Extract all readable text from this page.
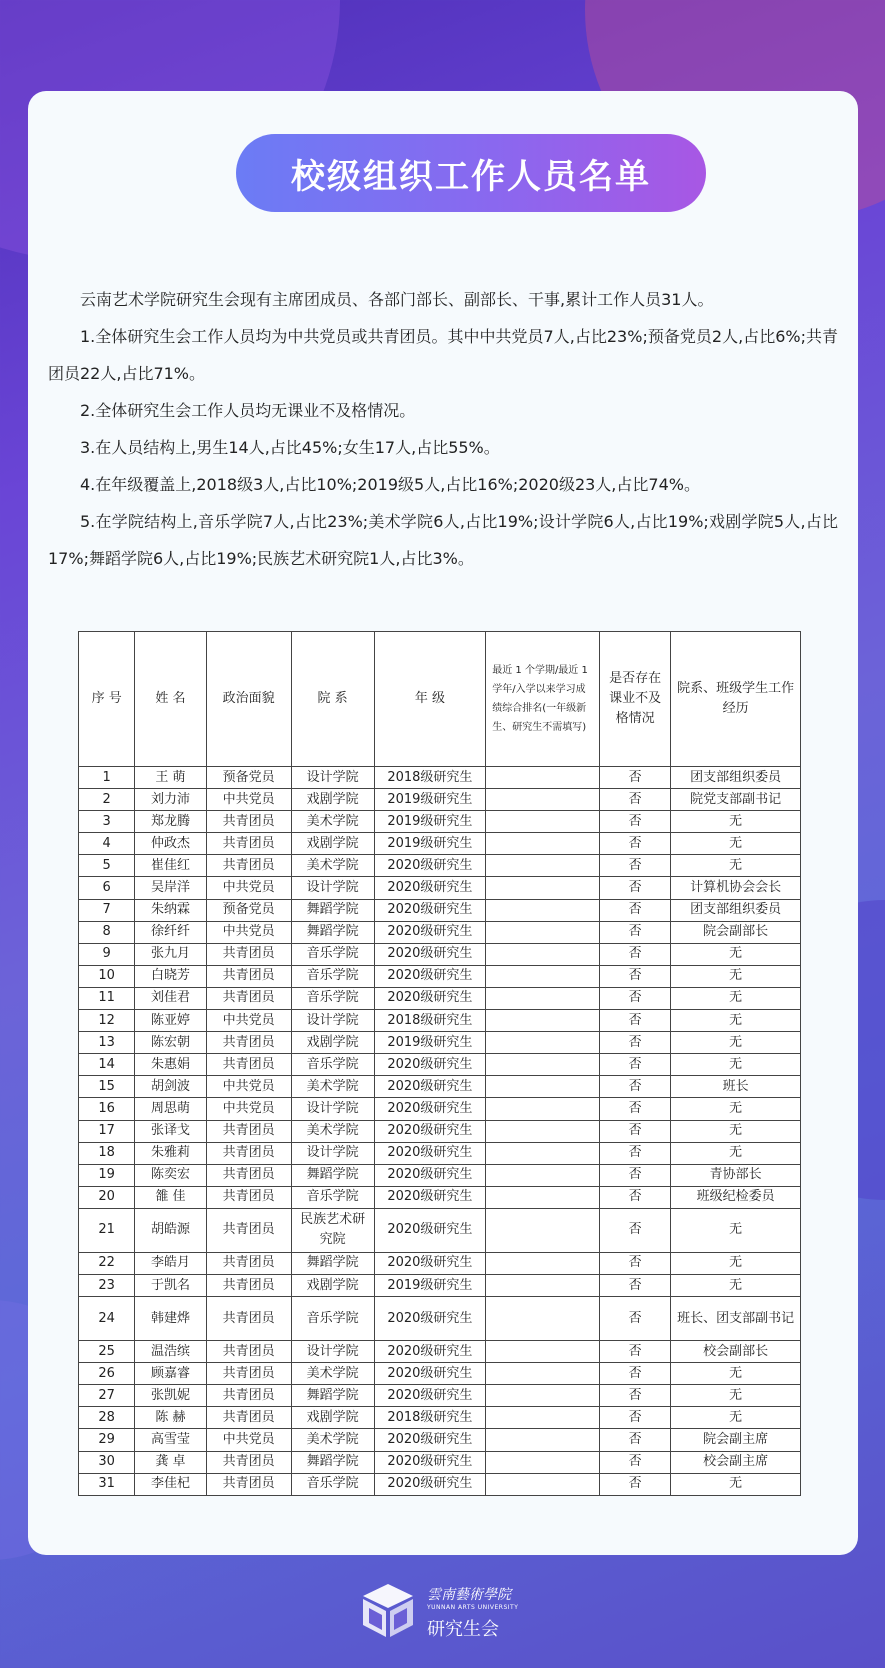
校级组织工作人员名单

云南艺术学院研究生会现有主席团成员、各部门部长、副部长、干事,累计工作人员31人。

1.全体研究生会工作人员均为中共党员或共青团员。其中中共党员7人,占比23%;预备党员2人,占比6%;共青团员22人,占比71%。

2.全体研究生会工作人员均无课业不及格情况。

3.在人员结构上,男生14人,占比45%;女生17人,占比55%。

4.在年级覆盖上,2018级3人,占比10%;2019级5人,占比16%;2020级23人,占比74%。

5.在学院结构上,音乐学院7人,占比23%;美术学院6人,占比19%;设计学院6人,占比19%;戏剧学院5人,占比17%;舞蹈学院6人,占比19%;民族艺术研究院1人,占比3%。

序 号	姓 名	政治面貌	院 系	年 级	最近 1 个学期/最近 1 学年/入学以来学习成绩综合排名(一年级新生、研究生不需填写)	是否存在课业不及格情况	院系、班级学生工作经历
1	王 萌	预备党员	设计学院	2018级研究生		否	团支部组织委员
2	刘力沛	中共党员	戏剧学院	2019级研究生		否	院党支部副书记
3	郑龙腾	共青团员	美术学院	2019级研究生		否	无
4	仲政杰	共青团员	戏剧学院	2019级研究生		否	无
5	崔佳红	共青团员	美术学院	2020级研究生		否	无
6	吴岸洋	中共党员	设计学院	2020级研究生		否	计算机协会会长
7	朱纳霖	预备党员	舞蹈学院	2020级研究生		否	团支部组织委员
8	徐纤纤	中共党员	舞蹈学院	2020级研究生		否	院会副部长
9	张九月	共青团员	音乐学院	2020级研究生		否	无
10	白晓芳	共青团员	音乐学院	2020级研究生		否	无
11	刘佳君	共青团员	音乐学院	2020级研究生		否	无
12	陈亚婷	中共党员	设计学院	2018级研究生		否	无
13	陈宏朝	共青团员	戏剧学院	2019级研究生		否	无
14	朱惠娟	共青团员	音乐学院	2020级研究生		否	无
15	胡剑波	中共党员	美术学院	2020级研究生		否	班长
16	周思萌	中共党员	设计学院	2020级研究生		否	无
17	张译戈	共青团员	美术学院	2020级研究生		否	无
18	朱雅莉	共青团员	设计学院	2020级研究生		否	无
19	陈奕宏	共青团员	舞蹈学院	2020级研究生		否	青协部长
20	雒 佳	共青团员	音乐学院	2020级研究生		否	班级纪检委员
21	胡皓源	共青团员	民族艺术研究院	2020级研究生		否	无
22	李皓月	共青团员	舞蹈学院	2020级研究生		否	无
23	于凯名	共青团员	戏剧学院	2019级研究生		否	无
24	韩建烨	共青团员	音乐学院	2020级研究生		否	班长、团支部副书记
25	温浩缤	共青团员	设计学院	2020级研究生		否	校会副部长
26	顾嘉睿	共青团员	美术学院	2020级研究生		否	无
27	张凯妮	共青团员	舞蹈学院	2020级研究生		否	无
28	陈 赫	共青团员	戏剧学院	2018级研究生		否	无
29	高雪莹	中共党员	美术学院	2020级研究生		否	院会副主席
30	龚 卓	共青团员	舞蹈学院	2020级研究生		否	校会副主席
31	李佳杞	共青团员	音乐学院	2020级研究生		否	无
雲南藝術學院
YUNNAN ARTS UNIVERSITY
研究生会
